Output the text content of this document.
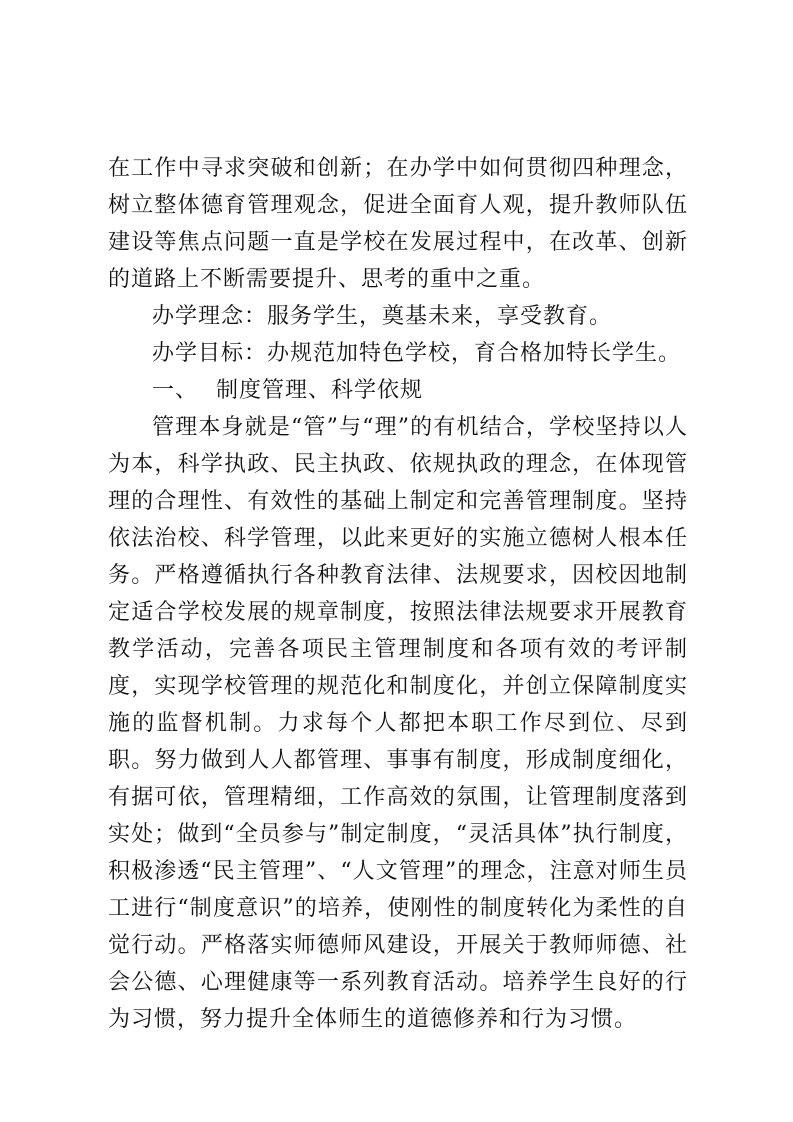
在工作中寻求突破和创新；在办学中如何贯彻四种理念，树立整体德育管理观念，促进全面育人观，提升教师队伍建设等焦点问题一直是学校在发展过程中，在改革、创新的道路上不断需要提升、思考的重中之重。

办学理念：服务学生，奠基未来，享受教育。

办学目标：办规范加特色学校，育合格加特长学生。

一、 制度管理、科学依规

管理本身就是“管”与“理”的有机结合，学校坚持以人为本，科学执政、民主执政、依规执政的理念，在体现管理的合理性、有效性的基础上制定和完善管理制度。坚持依法治校、科学管理，以此来更好的实施立德树人根本任务。严格遵循执行各种教育法律、法规要求，因校因地制定适合学校发展的规章制度，按照法律法规要求开展教育教学活动，完善各项民主管理制度和各项有效的考评制度，实现学校管理的规范化和制度化，并创立保障制度实施的监督机制。力求每个人都把本职工作尽到位、尽到职。努力做到人人都管理、事事有制度，形成制度细化，有据可依，管理精细，工作高效的氛围，让管理制度落到实处；做到“全员参与”制定制度，“灵活具体”执行制度，积极渗透“民主管理”、“人文管理”的理念，注意对师生员工进行“制度意识”的培养，使刚性的制度转化为柔性的自觉行动。严格落实师德师风建设，开展关于教师师德、社会公德、心理健康等一系列教育活动。培养学生良好的行为习惯，努力提升全体师生的道德修养和行为习惯。
